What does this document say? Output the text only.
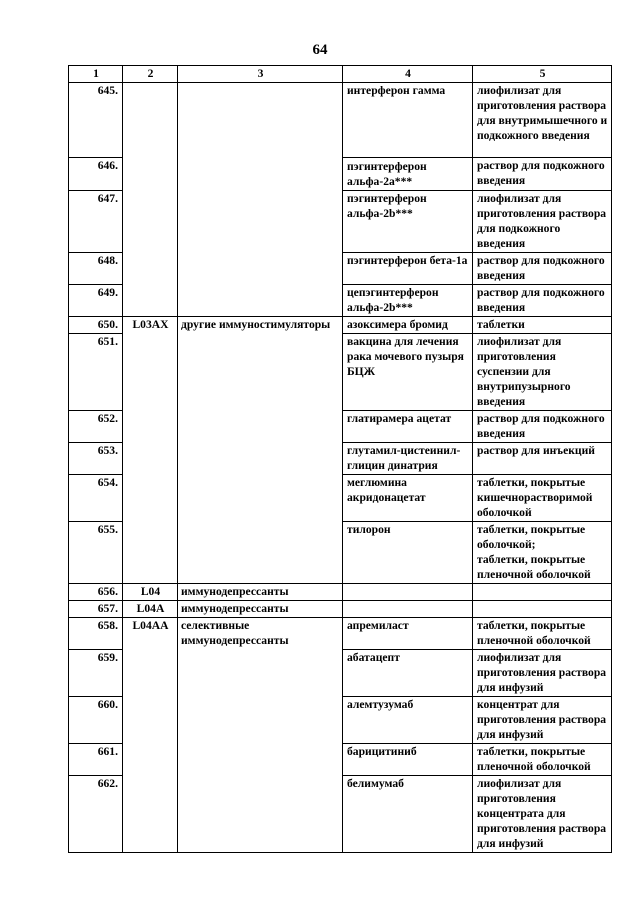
64
1	2	3	4	5
645.			интерферон гамма	лиофилизат для приготовления раствора для внутримышечного и подкожного введения
646.			пэгинтерферон альфа-2а***	раствор для подкожного введения
647.			пэгинтерферон альфа-2b***	лиофилизат для приготовления раствора для подкожного введения
648.			пэгинтерферон бета-1а	раствор для подкожного введения
649.			цепэгинтерферон альфа-2b***	раствор для подкожного введения
650.	L03AX	другие иммуностимуляторы	азоксимера бромид	таблетки
651.			вакцина для лечения рака мочевого пузыря БЦЖ	лиофилизат для приготовления суспензии для внутрипузырного введения
652.			глатирамера ацетат	раствор для подкожного введения
653.			глутамил-цистеинил-глицин динатрия	раствор для инъекций
654.			меглюмина акридонацетат	таблетки, покрытые кишечнорастворимой оболочкой
655.			тилорон	таблетки, покрытые оболочкой;
таблетки, покрытые пленочной оболочкой

656.	L04	иммунодепрессанты		
657.	L04A	иммунодепрессанты		
658.	L04AA	селективные иммунодепрессанты	апремиласт	таблетки, покрытые пленочной оболочкой
659.			абатацепт	лиофилизат для приготовления раствора для инфузий
660.			алемтузумаб	концентрат для приготовления раствора для инфузий
661.			барицитиниб	таблетки, покрытые пленочной оболочкой
662.			белимумаб	лиофилизат для приготовления концентрата для приготовления раствора для инфузий
